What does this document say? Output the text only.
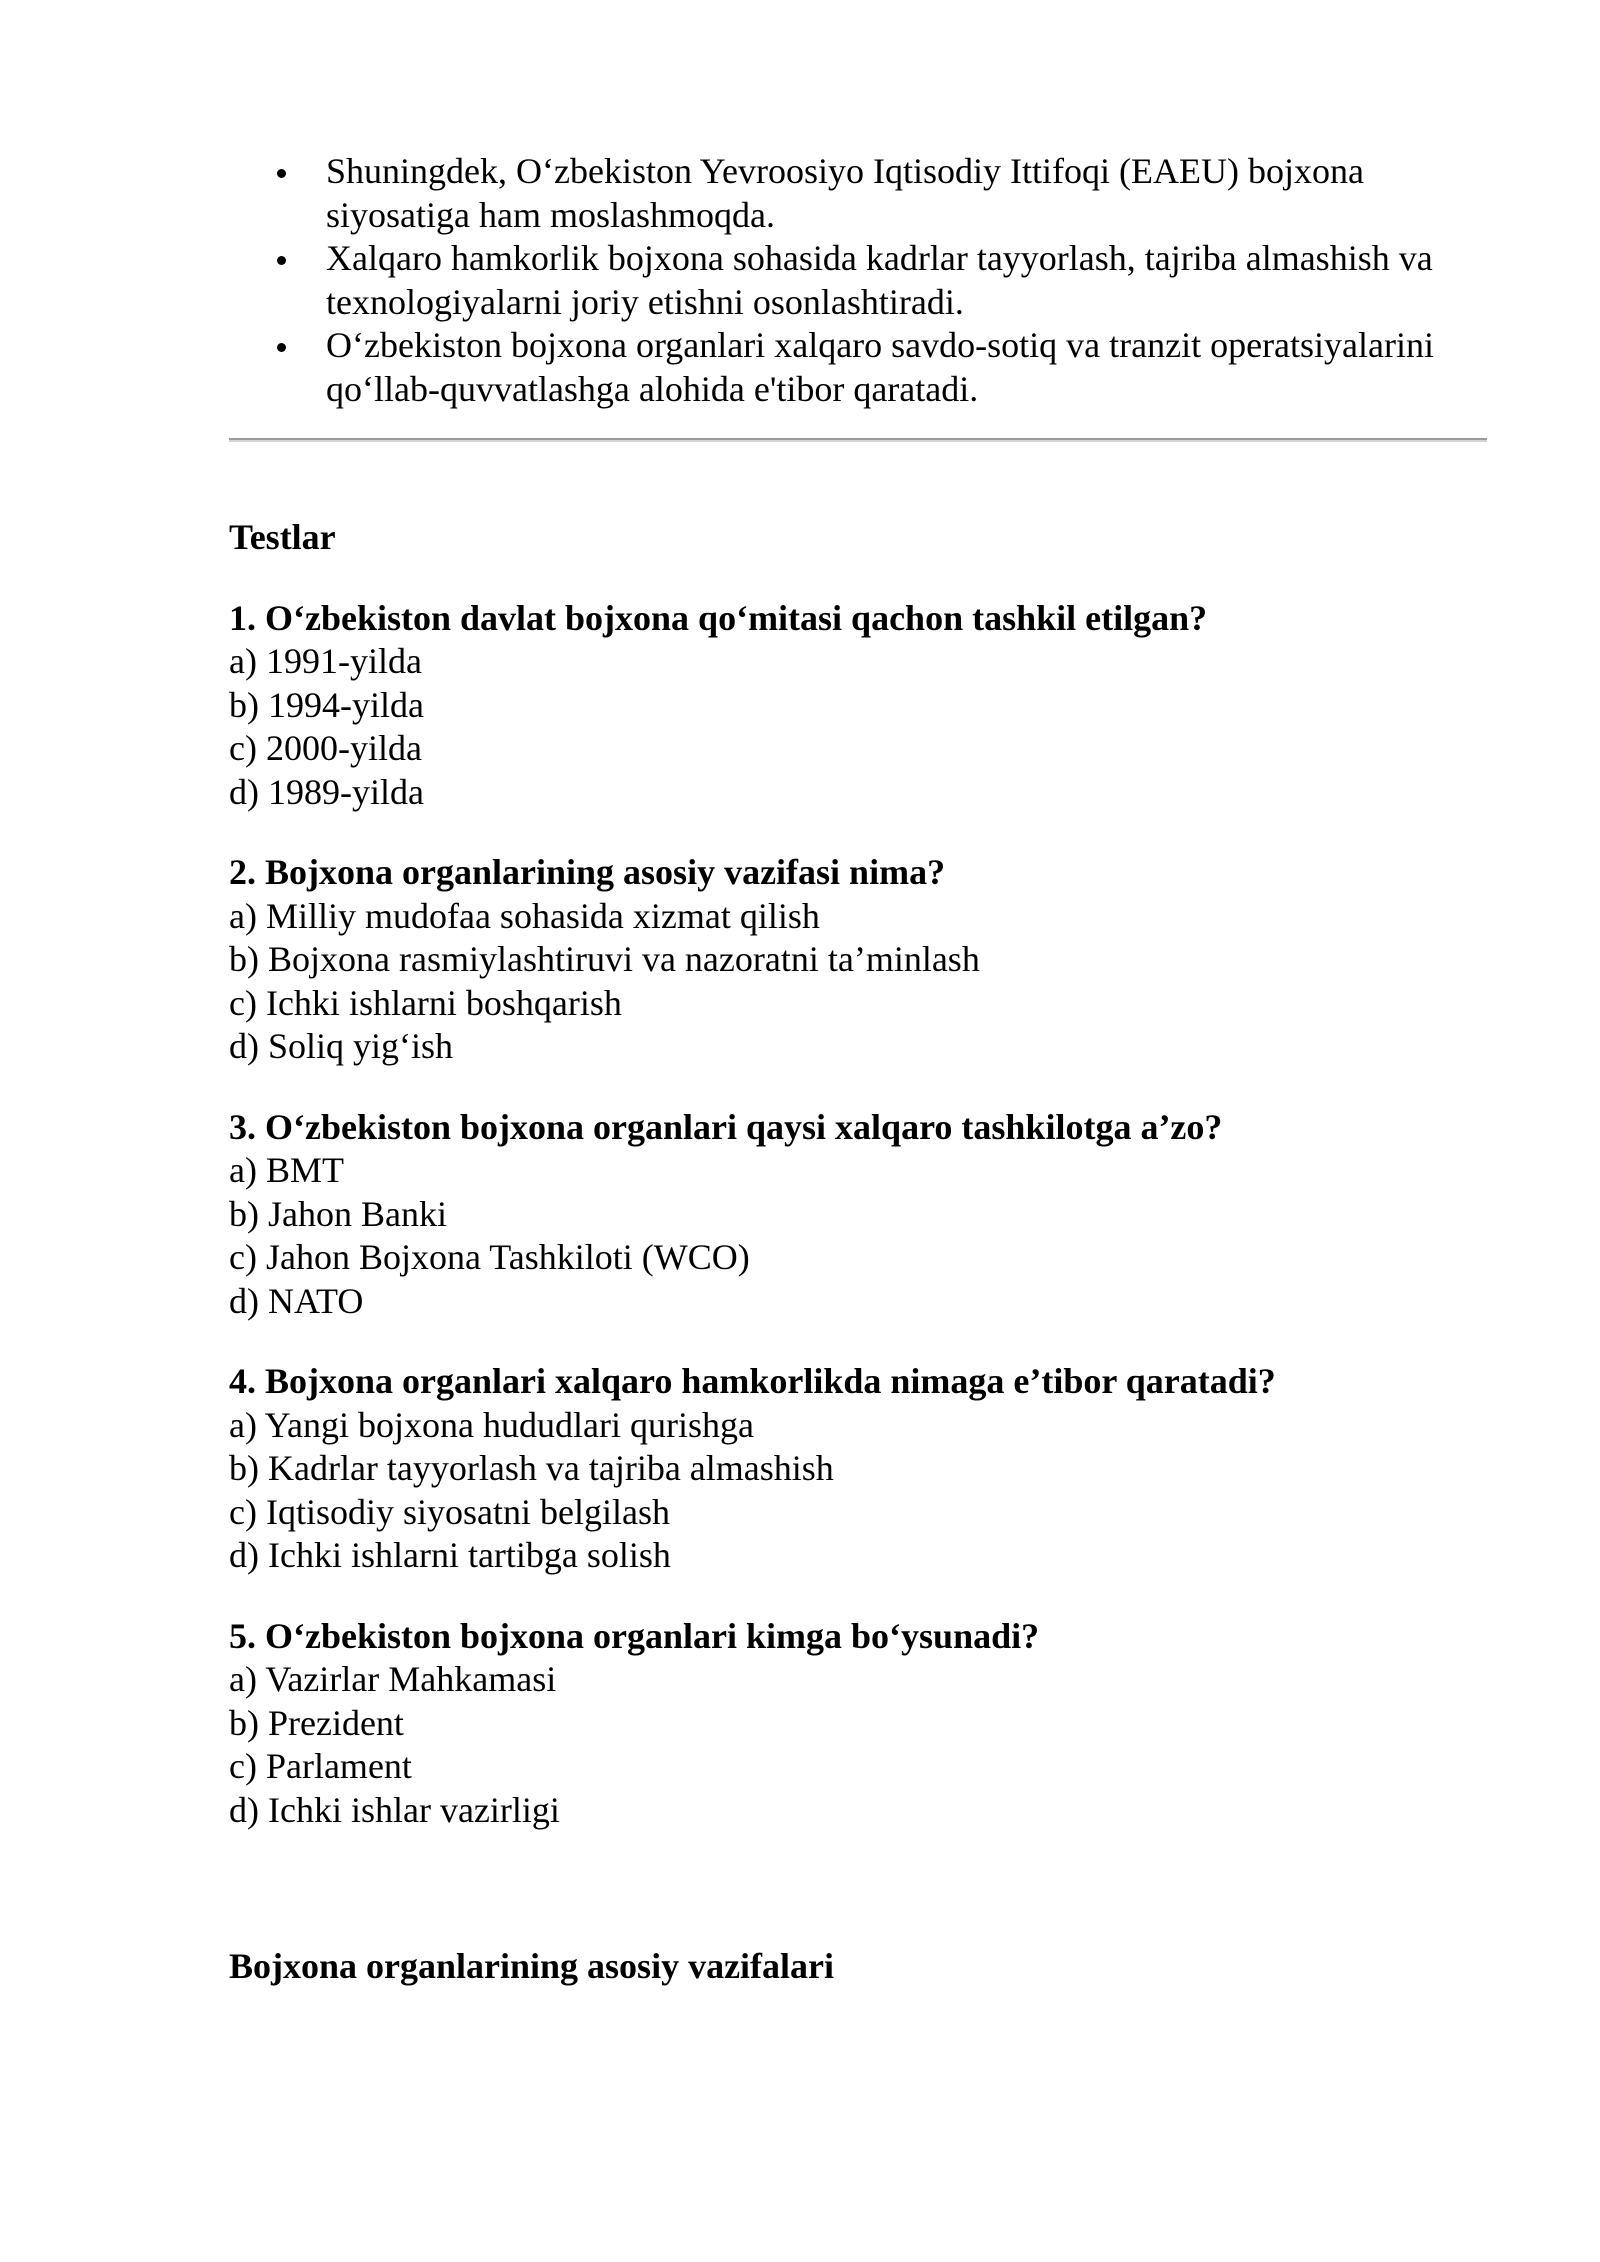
Shuningdek, O‘zbekiston Yevroosiyo Iqtisodiy Ittifoqi (EAEU) bojxona siyosatiga ham moslashmoqda.
Xalqaro hamkorlik bojxona sohasida kadrlar tayyorlash, tajriba almashish va texnologiyalarni joriy etishni osonlashtiradi.
O‘zbekiston bojxona organlari xalqaro savdo-sotiq va tranzit operatsiyalarini qo‘llab-quvvatlashga alohida e'tibor qaratadi.
Testlar
1. O‘zbekiston davlat bojxona qo‘mitasi qachon tashkil etilgan?
a) 1991-yilda
b) 1994-yilda
c) 2000-yilda
d) 1989-yilda
2. Bojxona organlarining asosiy vazifasi nima?
a) Milliy mudofaa sohasida xizmat qilish
b) Bojxona rasmiylashtiruvi va nazoratni ta’minlash
c) Ichki ishlarni boshqarish
d) Soliq yig‘ish
3. O‘zbekiston bojxona organlari qaysi xalqaro tashkilotga a’zo?
a) BMT
b) Jahon Banki
c) Jahon Bojxona Tashkiloti (WCO)
d) NATO
4. Bojxona organlari xalqaro hamkorlikda nimaga e’tibor qaratadi?
a) Yangi bojxona hududlari qurishga
b) Kadrlar tayyorlash va tajriba almashish
c) Iqtisodiy siyosatni belgilash
d) Ichki ishlarni tartibga solish
5. O‘zbekiston bojxona organlari kimga bo‘ysunadi?
a) Vazirlar Mahkamasi
b) Prezident
c) Parlament
d) Ichki ishlar vazirligi
Bojxona organlarining asosiy vazifalari
